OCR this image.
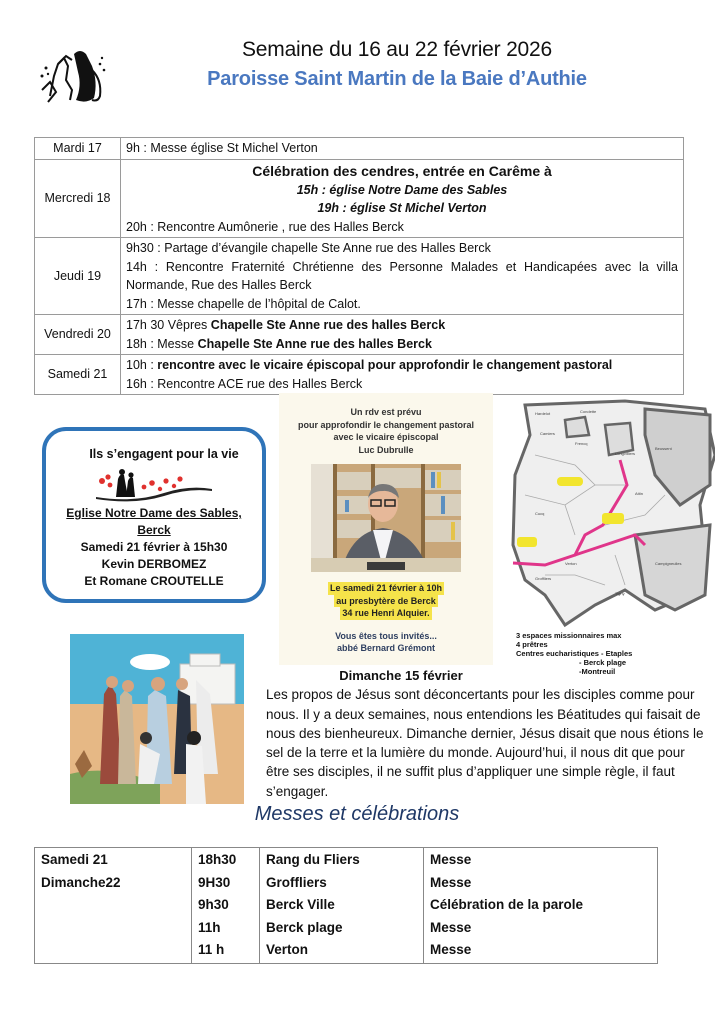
Semaine du 16 au 22 février 2026
Paroisse Saint Martin de la Baie d’Authie
Mardi 17	9h : Messe église St Michel Verton

Mercredi 18	Célébration des cendres, entrée en Carême à
15h : église Notre Dame des Sables
19h : église St Michel Verton
20h : Rencontre Aumônerie , rue des Halles Berck

Jeudi 19	9h30 : Partage d’évangile chapelle Ste Anne rue des Halles Berck
14h : Rencontre Fraternité Chrétienne des Personne Malades et Handicapées avec la villa Normande, Rue des Halles Berck
17h : Messe chapelle de l’hôpital de Calot.

Vendredi 20	17h 30 Vêpres Chapelle Ste Anne rue des halles Berck
18h : Messe Chapelle Ste Anne rue des halles Berck

Samedi 21	10h : rencontre avec le vicaire épiscopal pour approfondir le changement pastoral
16h : Rencontre ACE rue des Halles Berck
Ils s’engagent pour la vie
Eglise Notre Dame des Sables,
Berck
Samedi 21 février à 15h30
Kevin DERBOMEZ
Et Romane CROUTELLE
Un rdv est prévu
pour approfondir le changement pastoral
avec le vicaire épiscopal
Luc Dubrulle
Le samedi 21 février à 10h
au presbytère de Berck
34 rue Henri Alquier.
Vous êtes tous invités...
abbé Bernard Grémont
Hardelot	Condette
Camiers
Frencq
Longvilliers
Beussent
Attin
Cucq
Verton
Groffliers
Campigneulles
Tigny
3 espaces missionnaires max
4 prêtres
Centres eucharistiques - Etaples
- Berck plage
-Montreuil
Dimanche 15 février
Les propos de Jésus sont déconcertants pour les disciples comme pour nous. Il y a deux semaines, nous entendions les Béatitudes qui faisait de nous des bienheureux. Dimanche dernier, Jésus disait que nous étions le sel de la terre et la lumière du monde. Aujourd’hui, il nous dit que pour être ses disciples, il ne suffit plus d’appliquer une simple règle, il faut s’engager.
Messes et célébrations
Samedi 21	18h30	Rang du Fliers	Messe
Dimanche22	9H30	Groffliers	Messe
	9h30	Berck Ville	Célébration de la parole
	11h	Berck plage	Messe
	11 h	Verton	Messe
